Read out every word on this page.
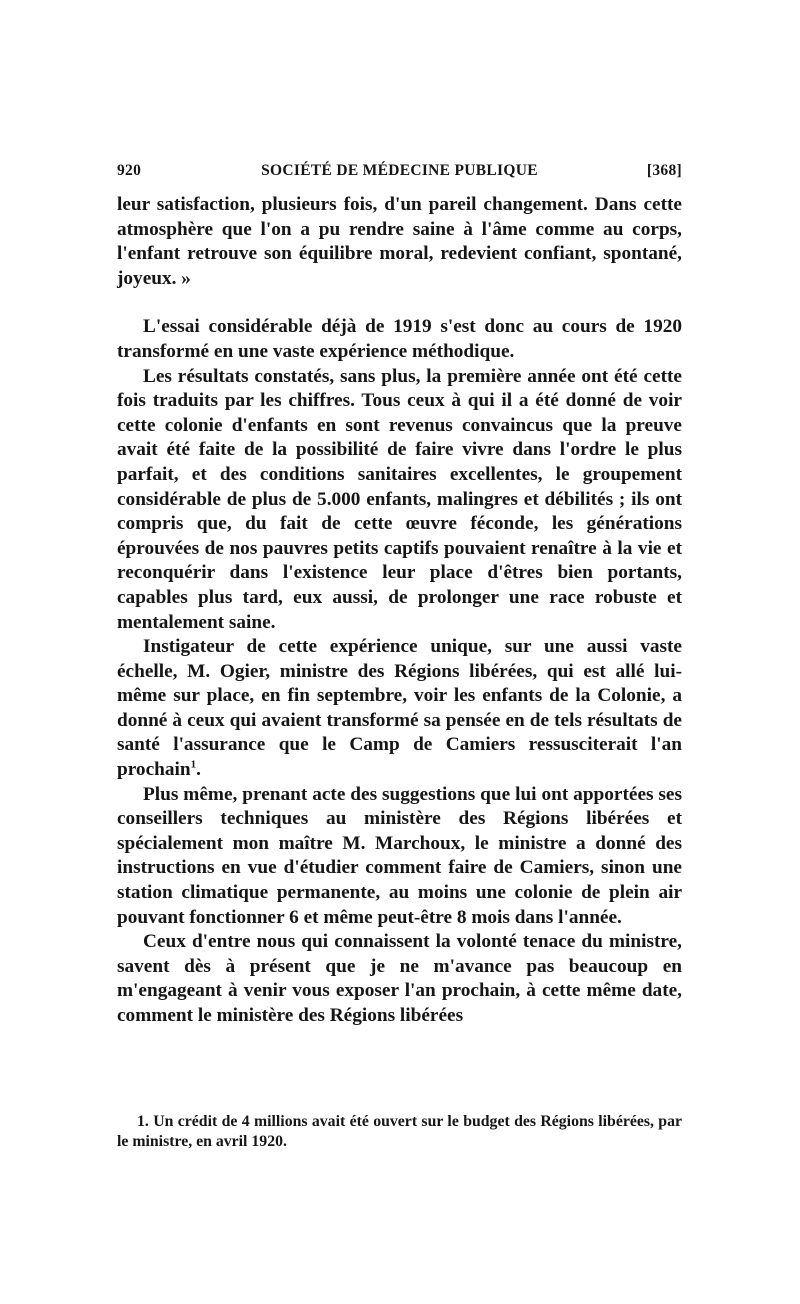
920	SOCIÉTÉ DE MÉDECINE PUBLIQUE	[368]

leur satisfaction, plusieurs fois, d'un pareil changement. Dans cette atmosphère que l'on a pu rendre saine à l'âme comme au corps, l'enfant retrouve son équilibre moral, redevient confiant, spontané, joyeux. »

L'essai considérable déjà de 1919 s'est donc au cours de 1920 transformé en une vaste expérience méthodique.

Les résultats constatés, sans plus, la première année ont été cette fois traduits par les chiffres. Tous ceux à qui il a été donné de voir cette colonie d'enfants en sont revenus convaincus que la preuve avait été faite de la possibilité de faire vivre dans l'ordre le plus parfait, et des conditions sanitaires excellentes, le groupement considérable de plus de 5.000 enfants, malingres et débilités ; ils ont compris que, du fait de cette œuvre féconde, les générations éprouvées de nos pauvres petits captifs pouvaient renaître à la vie et reconquérir dans l'existence leur place d'êtres bien portants, capables plus tard, eux aussi, de prolonger une race robuste et mentalement saine.

Instigateur de cette expérience unique, sur une aussi vaste échelle, M. Ogier, ministre des Régions libérées, qui est allé lui-même sur place, en fin septembre, voir les enfants de la Colonie, a donné à ceux qui avaient transformé sa pensée en de tels résultats de santé l'assurance que le Camp de Camiers ressusciterait l'an prochain$^1$.

Plus même, prenant acte des suggestions que lui ont apportées ses conseillers techniques au ministère des Régions libérées et spécialement mon maître M. Marchoux, le ministre a donné des instructions en vue d'étudier comment faire de Camiers, sinon une station climatique permanente, au moins une colonie de plein air pouvant fonctionner 6 et même peut-être 8 mois dans l'année.

Ceux d'entre nous qui connaissent la volonté tenace du ministre, savent dès à présent que je ne m'avance pas beaucoup en m'engageant à venir vous exposer l'an prochain, à cette même date, comment le ministère des Régions libérées

1. Un crédit de 4 millions avait été ouvert sur le budget des Régions libérées, par le ministre, en avril 1920.
